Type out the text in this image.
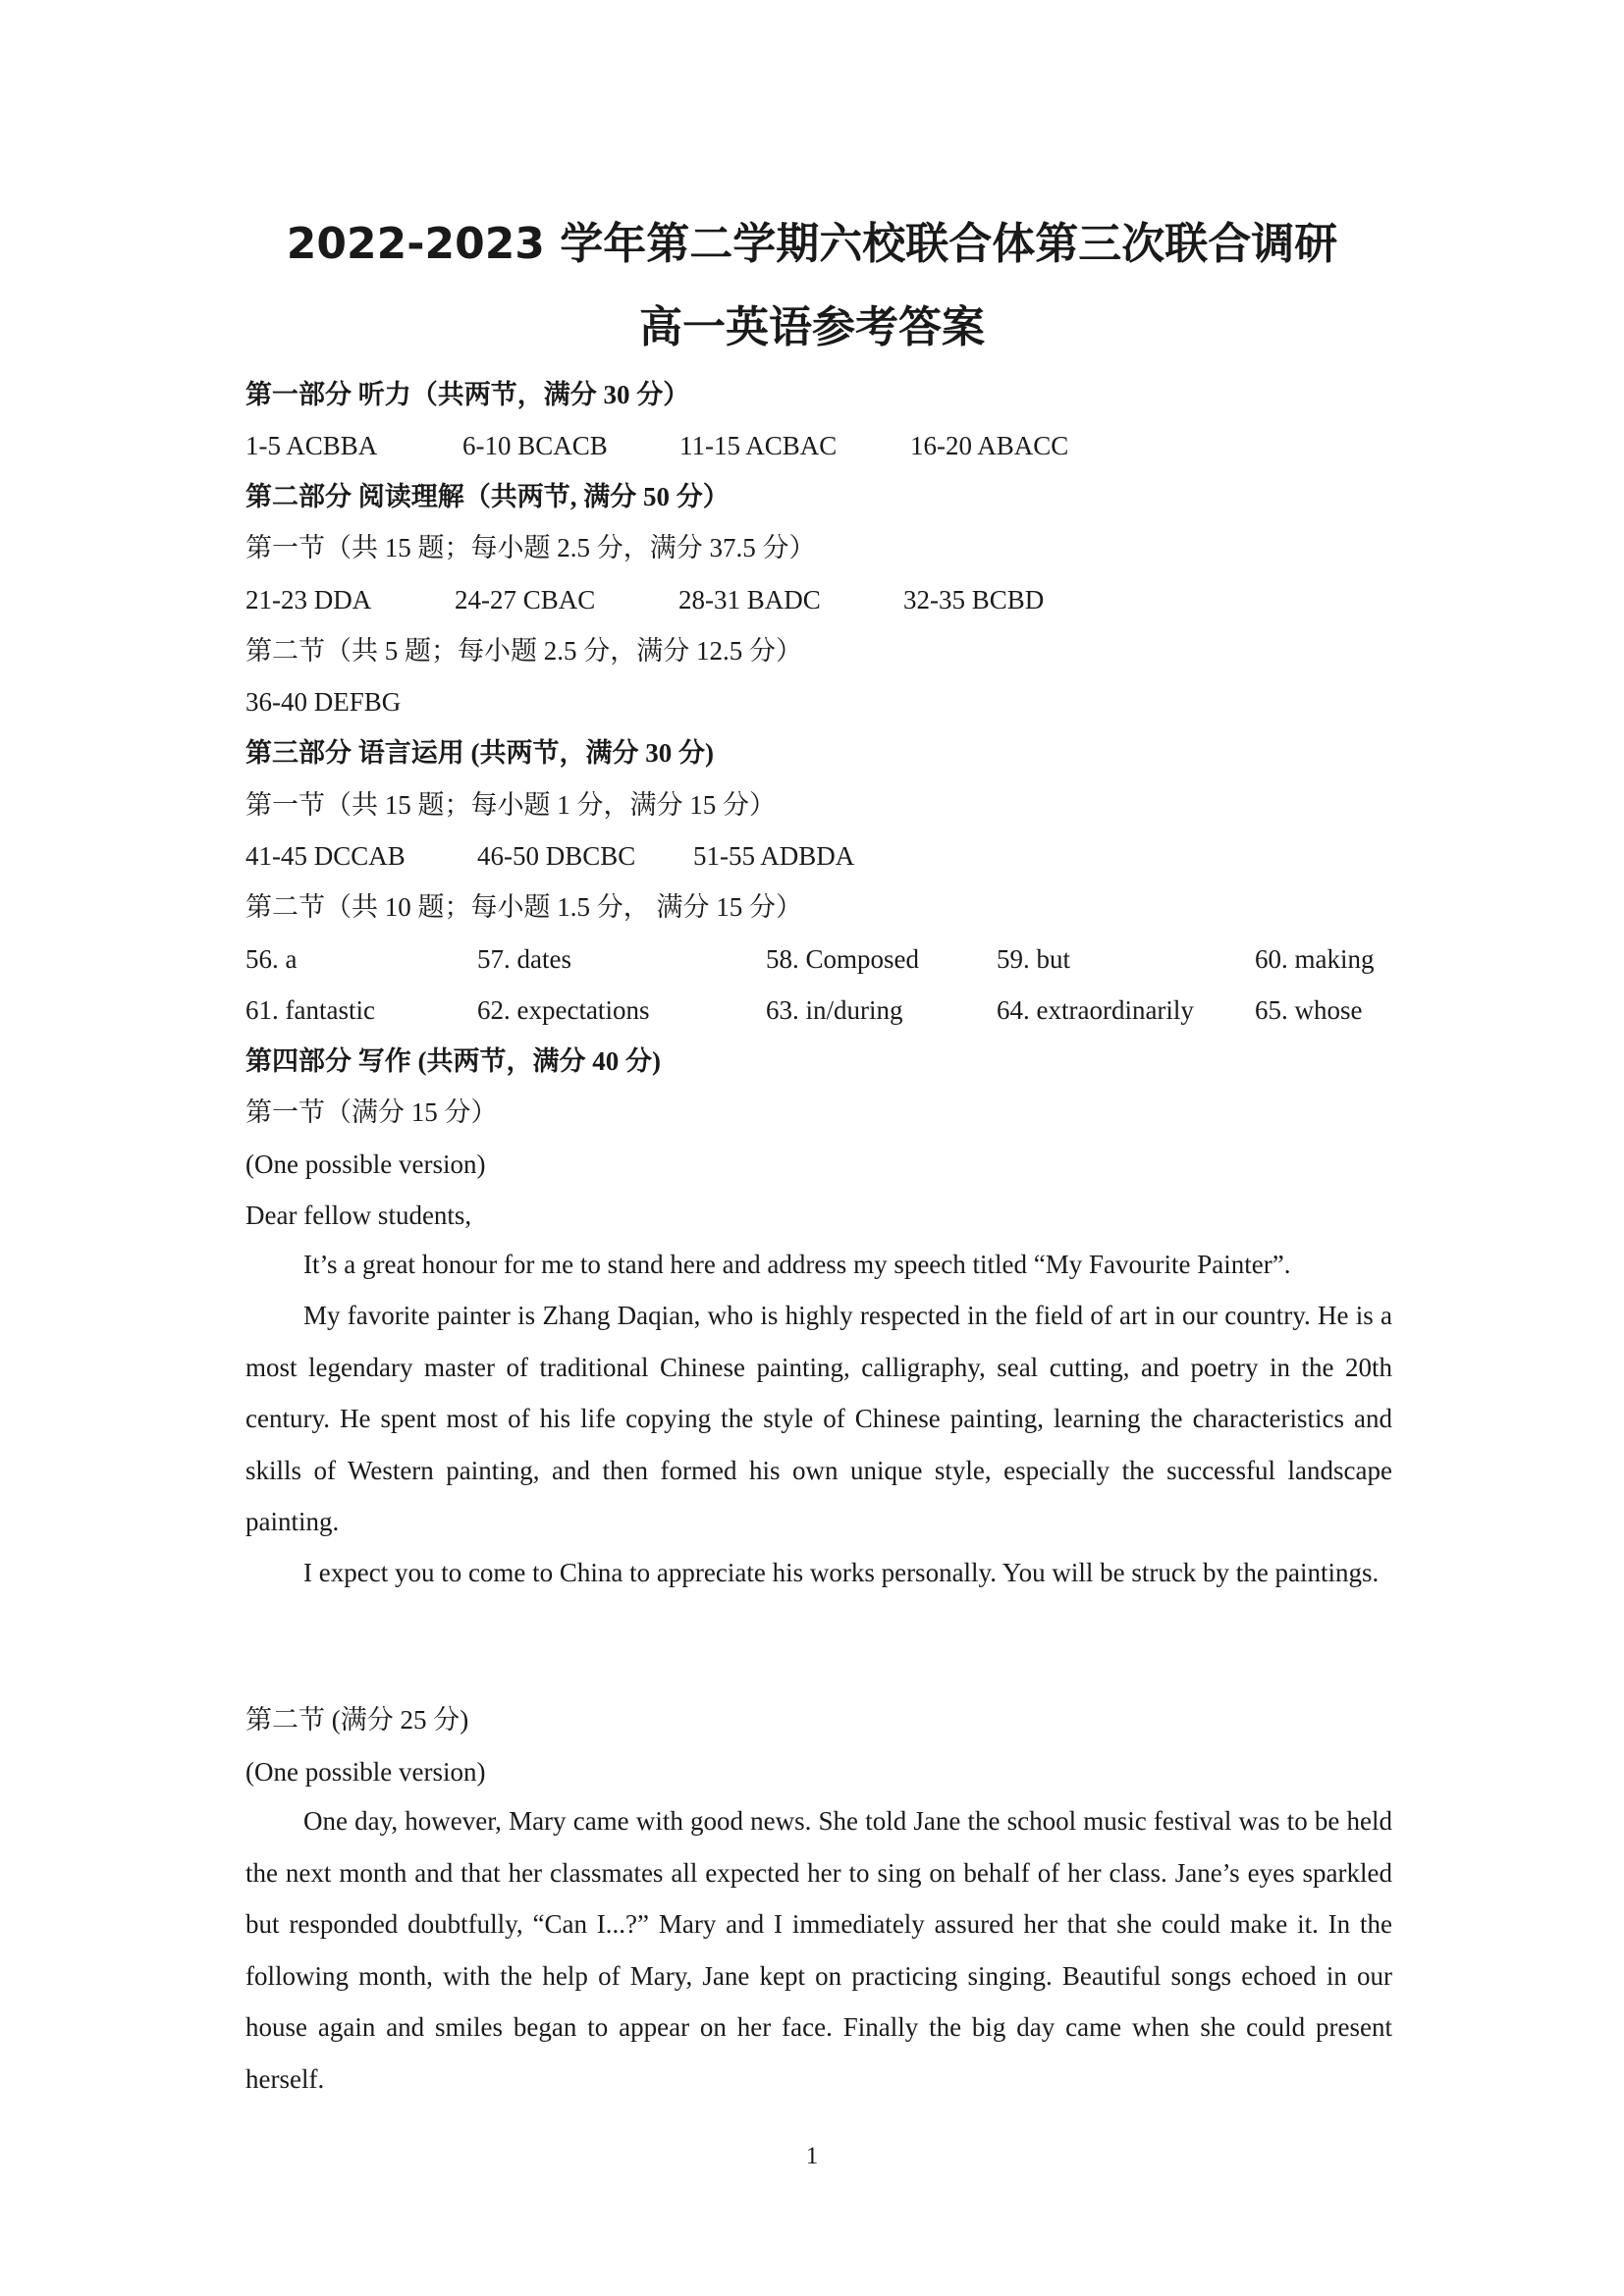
2022-2023 学年第二学期六校联合体第三次联合调研
高一英语参考答案
第一部分 听力（共两节，满分 30 分）
1-5 ACBBA	6-10 BCACB	11-15 ACBAC	16-20 ABACC
第二部分 阅读理解（共两节, 满分 50 分）
第一节（共 15 题；每小题 2.5 分，满分 37.5 分）
21-23 DDA	24-27 CBAC	28-31 BADC	32-35 BCBD
第二节（共 5 题；每小题 2.5 分，满分 12.5 分）
36-40 DEFBG
第三部分 语言运用 (共两节，满分 30 分)
第一节（共 15 题；每小题 1 分，满分 15 分）
41-45 DCCAB	46-50 DBCBC 51-55 ADBDA
第二节（共 10 题；每小题 1.5 分， 满分 15 分）
56. a	57. dates	58. Composed	59. but	60. making
61. fantastic	62. expectations	63. in/during	64. extraordinarily 65. whose
第四部分 写作 (共两节，满分 40 分)
第一节（满分 15 分）
(One possible version)
Dear fellow students,
It’s a great honour for me to stand here and address my speech titled “My Favourite Painter”.
My favorite painter is Zhang Daqian, who is highly respected in the field of art in our country. He is a most legendary master of traditional Chinese painting, calligraphy, seal cutting, and poetry in the 20th century. He spent most of his life copying the style of Chinese painting, learning the characteristics and skills of Western painting, and then formed his own unique style, especially the successful landscape painting.
I expect you to come to China to appreciate his works personally. You will be struck by the paintings.
第二节 (满分 25 分)
(One possible version)
One day, however, Mary came with good news. She told Jane the school music festival was to be held the next month and that her classmates all expected her to sing on behalf of her class. Jane’s eyes sparkled but responded doubtfully, “Can I...?” Mary and I immediately assured her that she could make it. In the following month, with the help of Mary, Jane kept on practicing singing. Beautiful songs echoed in our house again and smiles began to appear on her face. Finally the big day came when she could present herself.
1
